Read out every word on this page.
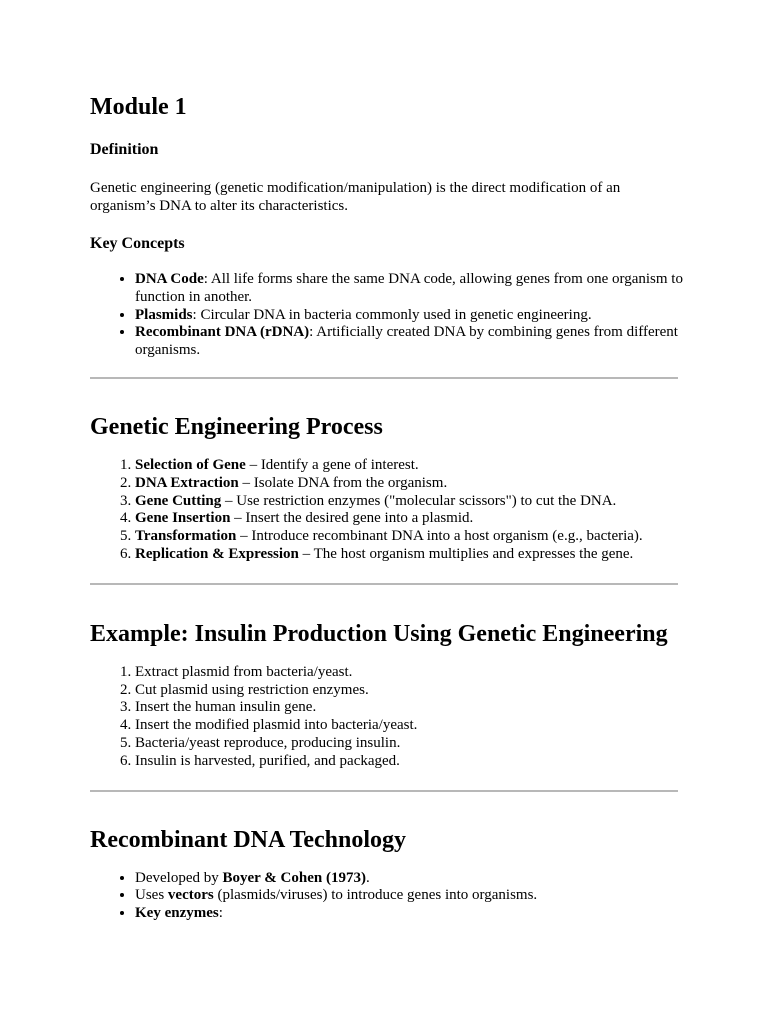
Module 1
Definition

Genetic engineering (genetic modification/manipulation) is the direct modification of an organism’s DNA to alter its characteristics.

Key Concepts
• DNA Code: All life forms share the same DNA code, allowing genes from one organism to function in another.
• Plasmids: Circular DNA in bacteria commonly used in genetic engineering.
• Recombinant DNA (rDNA): Artificially created DNA by combining genes from different organisms.
Genetic Engineering Process
1. Selection of Gene – Identify a gene of interest.
2. DNA Extraction – Isolate DNA from the organism.
3. Gene Cutting – Use restriction enzymes ("molecular scissors") to cut the DNA.
4. Gene Insertion – Insert the desired gene into a plasmid.
5. Transformation – Introduce recombinant DNA into a host organism (e.g., bacteria).
6. Replication & Expression – The host organism multiplies and expresses the gene.
Example: Insulin Production Using Genetic Engineering
1. Extract plasmid from bacteria/yeast.
2. Cut plasmid using restriction enzymes.
3. Insert the human insulin gene.
4. Insert the modified plasmid into bacteria/yeast.
5. Bacteria/yeast reproduce, producing insulin.
6. Insulin is harvested, purified, and packaged.
Recombinant DNA Technology
• Developed by Boyer & Cohen (1973).
• Uses vectors (plasmids/viruses) to introduce genes into organisms.
• Key enzymes:
